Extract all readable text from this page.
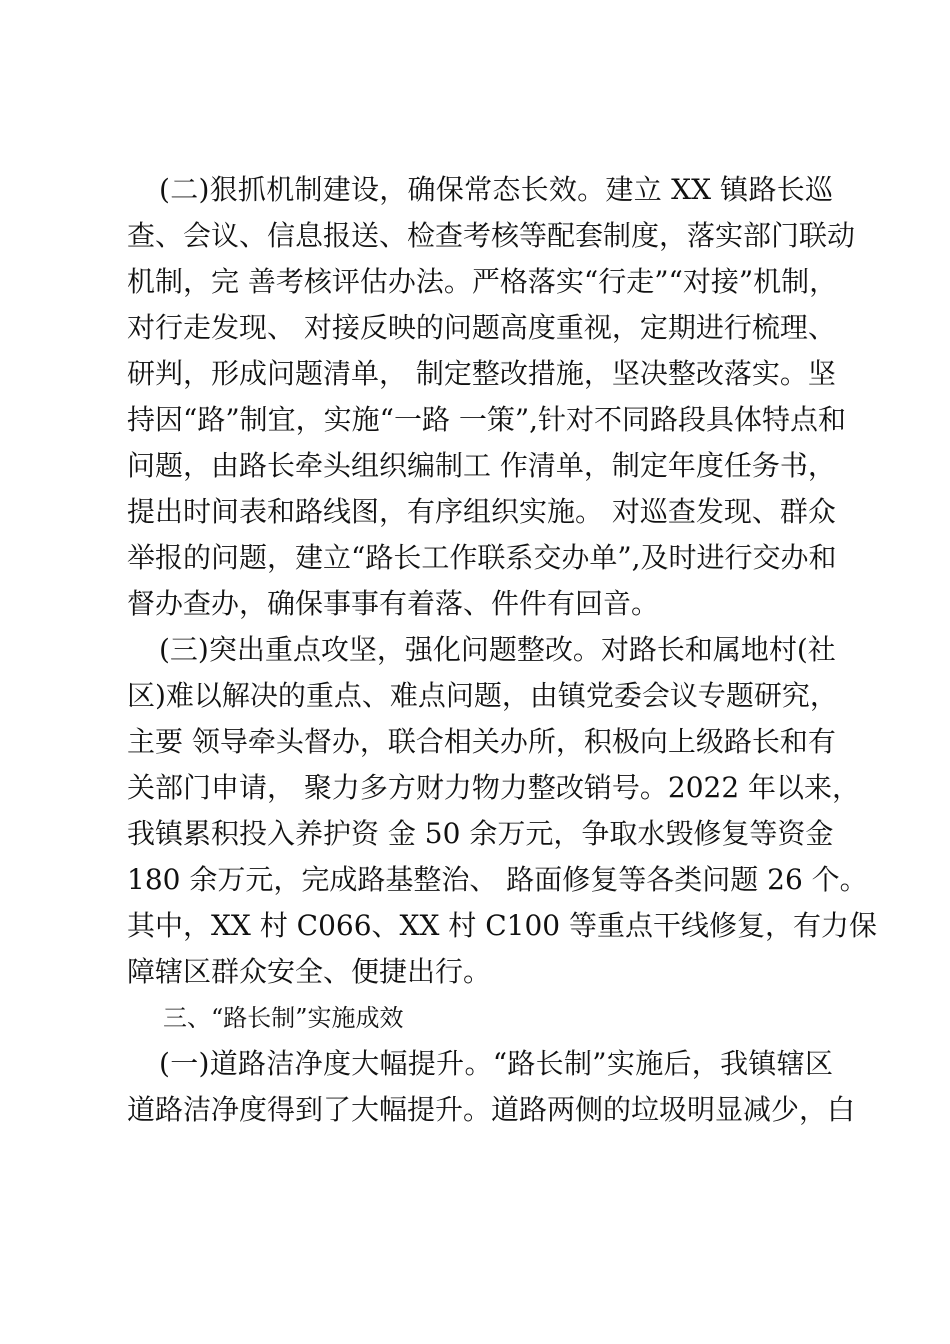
(二)狠抓机制建设，确保常态长效。建立 XX 镇路长巡
查、会议、信息报送、检查考核等配套制度，落实部门联动
机制，完 善考核评估办法。严格落实“行走”“对接”机制，
对行走发现、 对接反映的问题高度重视，定期进行梳理、
研判，形成问题清单， 制定整改措施，坚决整改落实。坚
持因“路”制宜，实施“一路 一策”,针对不同路段具体特点和
问题，由路长牵头组织编制工 作清单，制定年度任务书，
提出时间表和路线图，有序组织实施。 对巡查发现、群众
举报的问题，建立“路长工作联系交办单”,及时进行交办和
督办查办，确保事事有着落、件件有回音。
(三)突出重点攻坚，强化问题整改。对路长和属地村(社
区)难以解决的重点、难点问题，由镇党委会议专题研究，
主要 领导牵头督办，联合相关办所，积极向上级路长和有
关部门申请， 聚力多方财力物力整改销号。2022 年以来，
我镇累积投入养护资 金 50 余万元，争取水毁修复等资金
180 余万元，完成路基整治、 路面修复等各类问题 26 个。
其中，XX 村 C066、XX 村 C100 等重点干线修复，有力保
障辖区群众安全、便捷出行。
三、“路长制”实施成效
(一)道路洁净度大幅提升。“路长制”实施后，我镇辖区
道路洁净度得到了大幅提升。道路两侧的垃圾明显减少，白
